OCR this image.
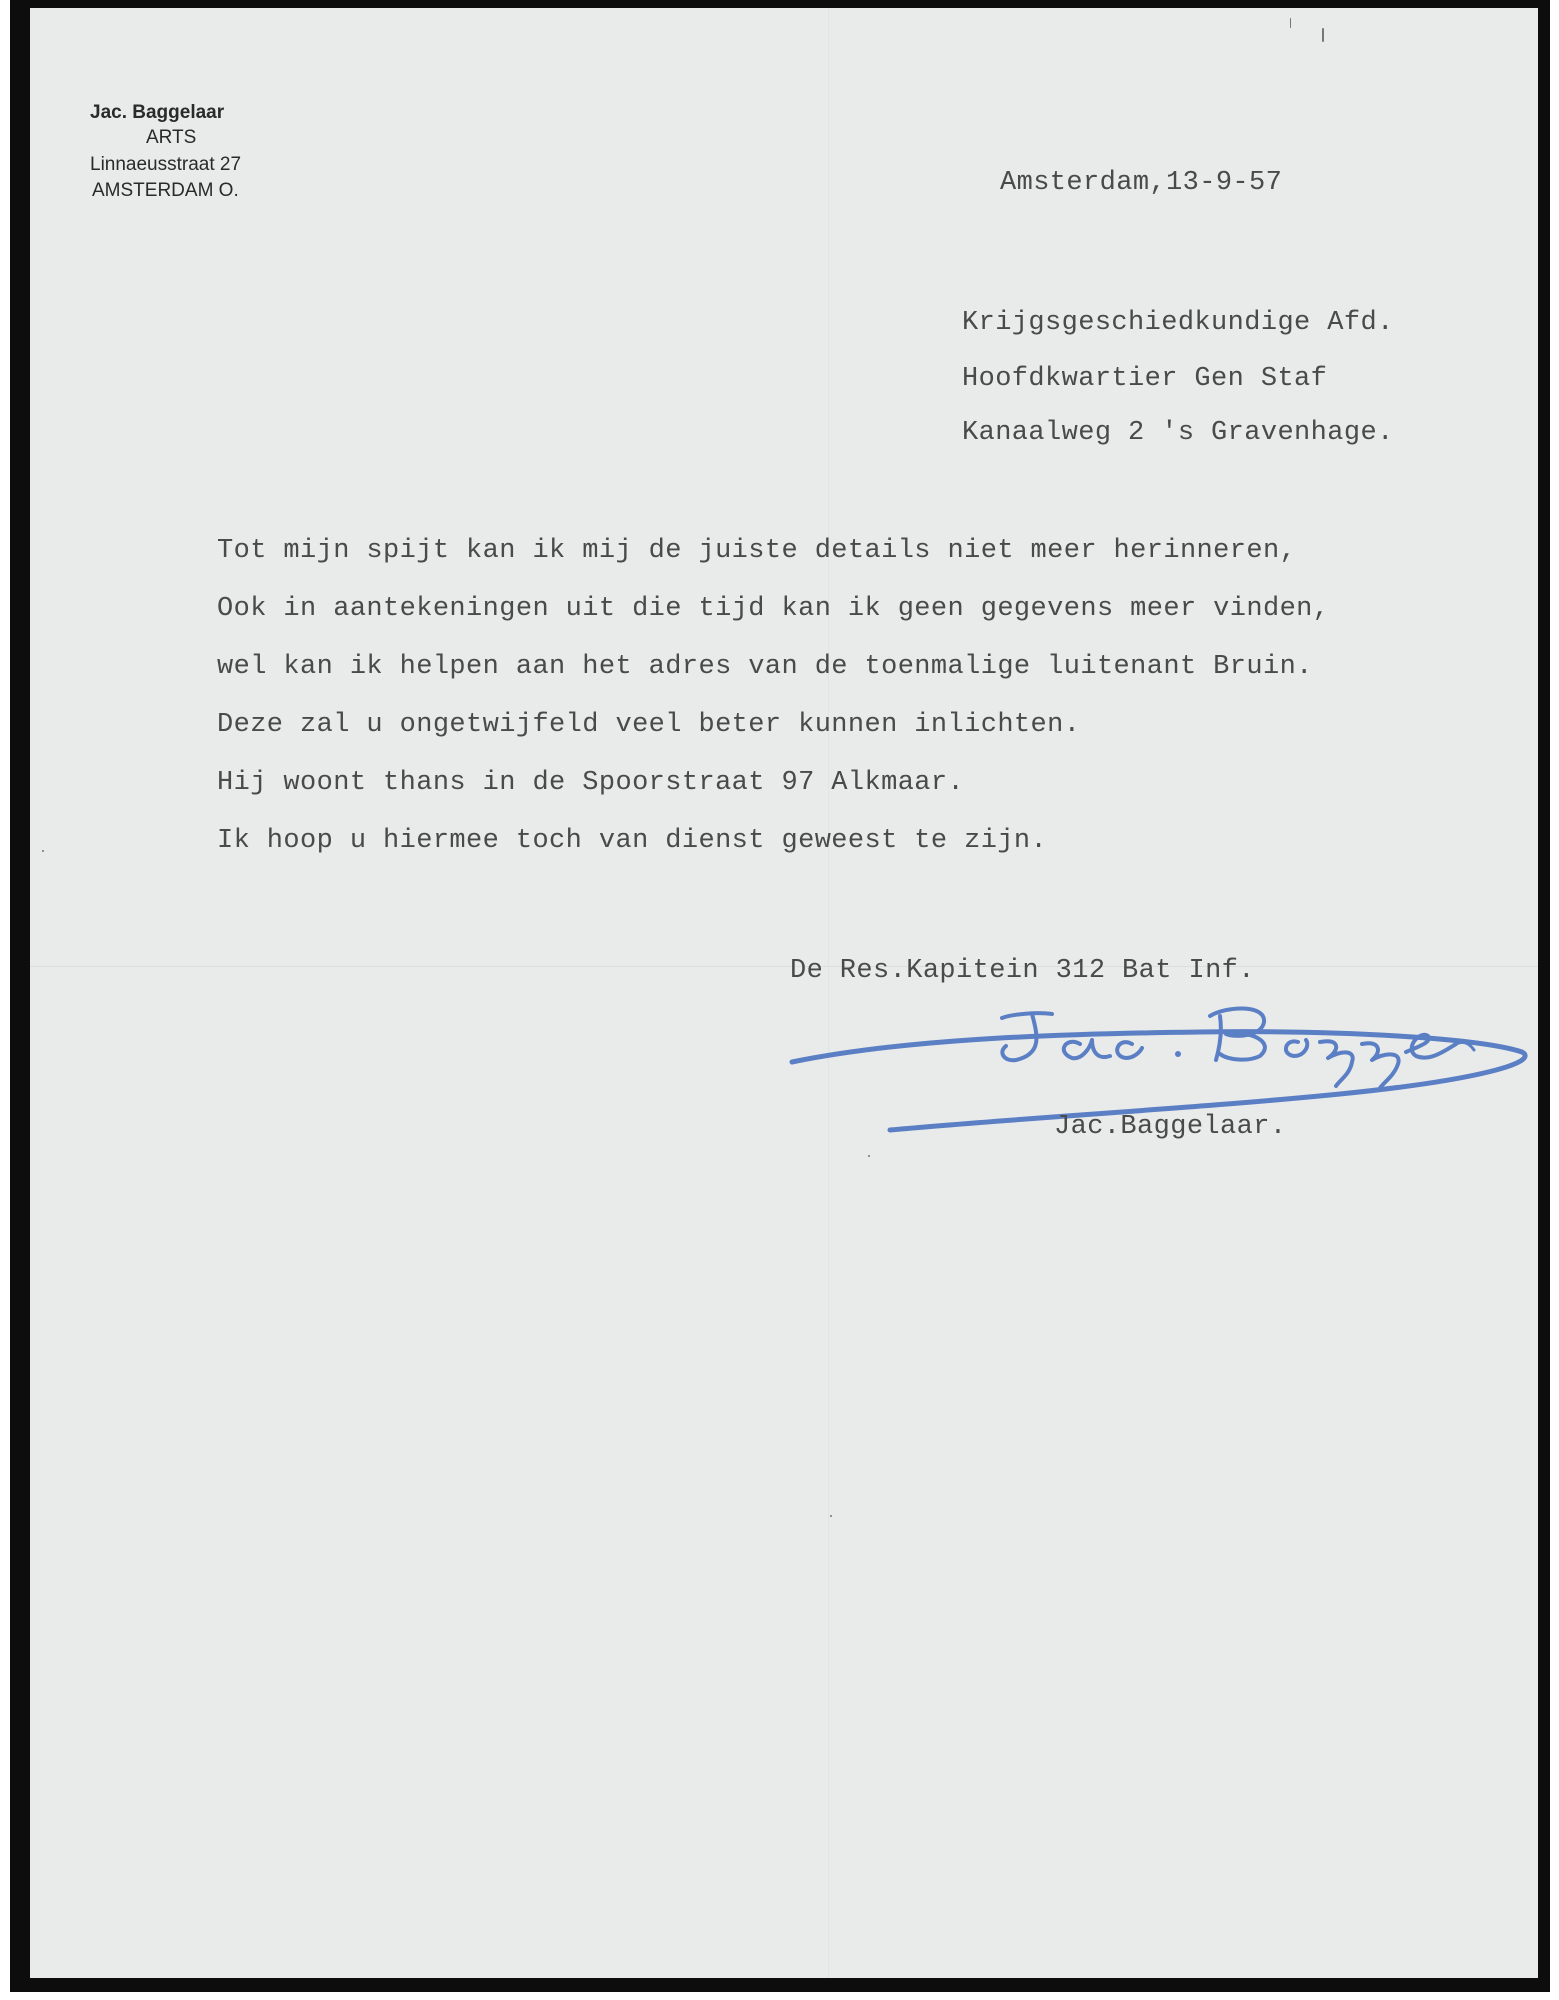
Jac. Baggelaar
ARTS
Linnaeusstraat 27
AMSTERDAM O.	Amsterdam,13-9-57
Krijgsgeschiedkundige Afd.
Hoofdkwartier Gen Staf
Kanaalweg 2 's Gravenhage.
Tot mijn spijt kan ik mij de juiste details niet meer herinneren,
Ook in aantekeningen uit die tijd kan ik geen gegevens meer vinden,
wel kan ik helpen aan het adres van de toenmalige luitenant Bruin.
Deze zal u ongetwijfeld veel beter kunnen inlichten.
Hij woont thans in de Spoorstraat 97 Alkmaar.
Ik hoop u hiermee toch van dienst geweest te zijn.
De Res.Kapitein 312 Bat Inf.
Jac.Baggelaar.
